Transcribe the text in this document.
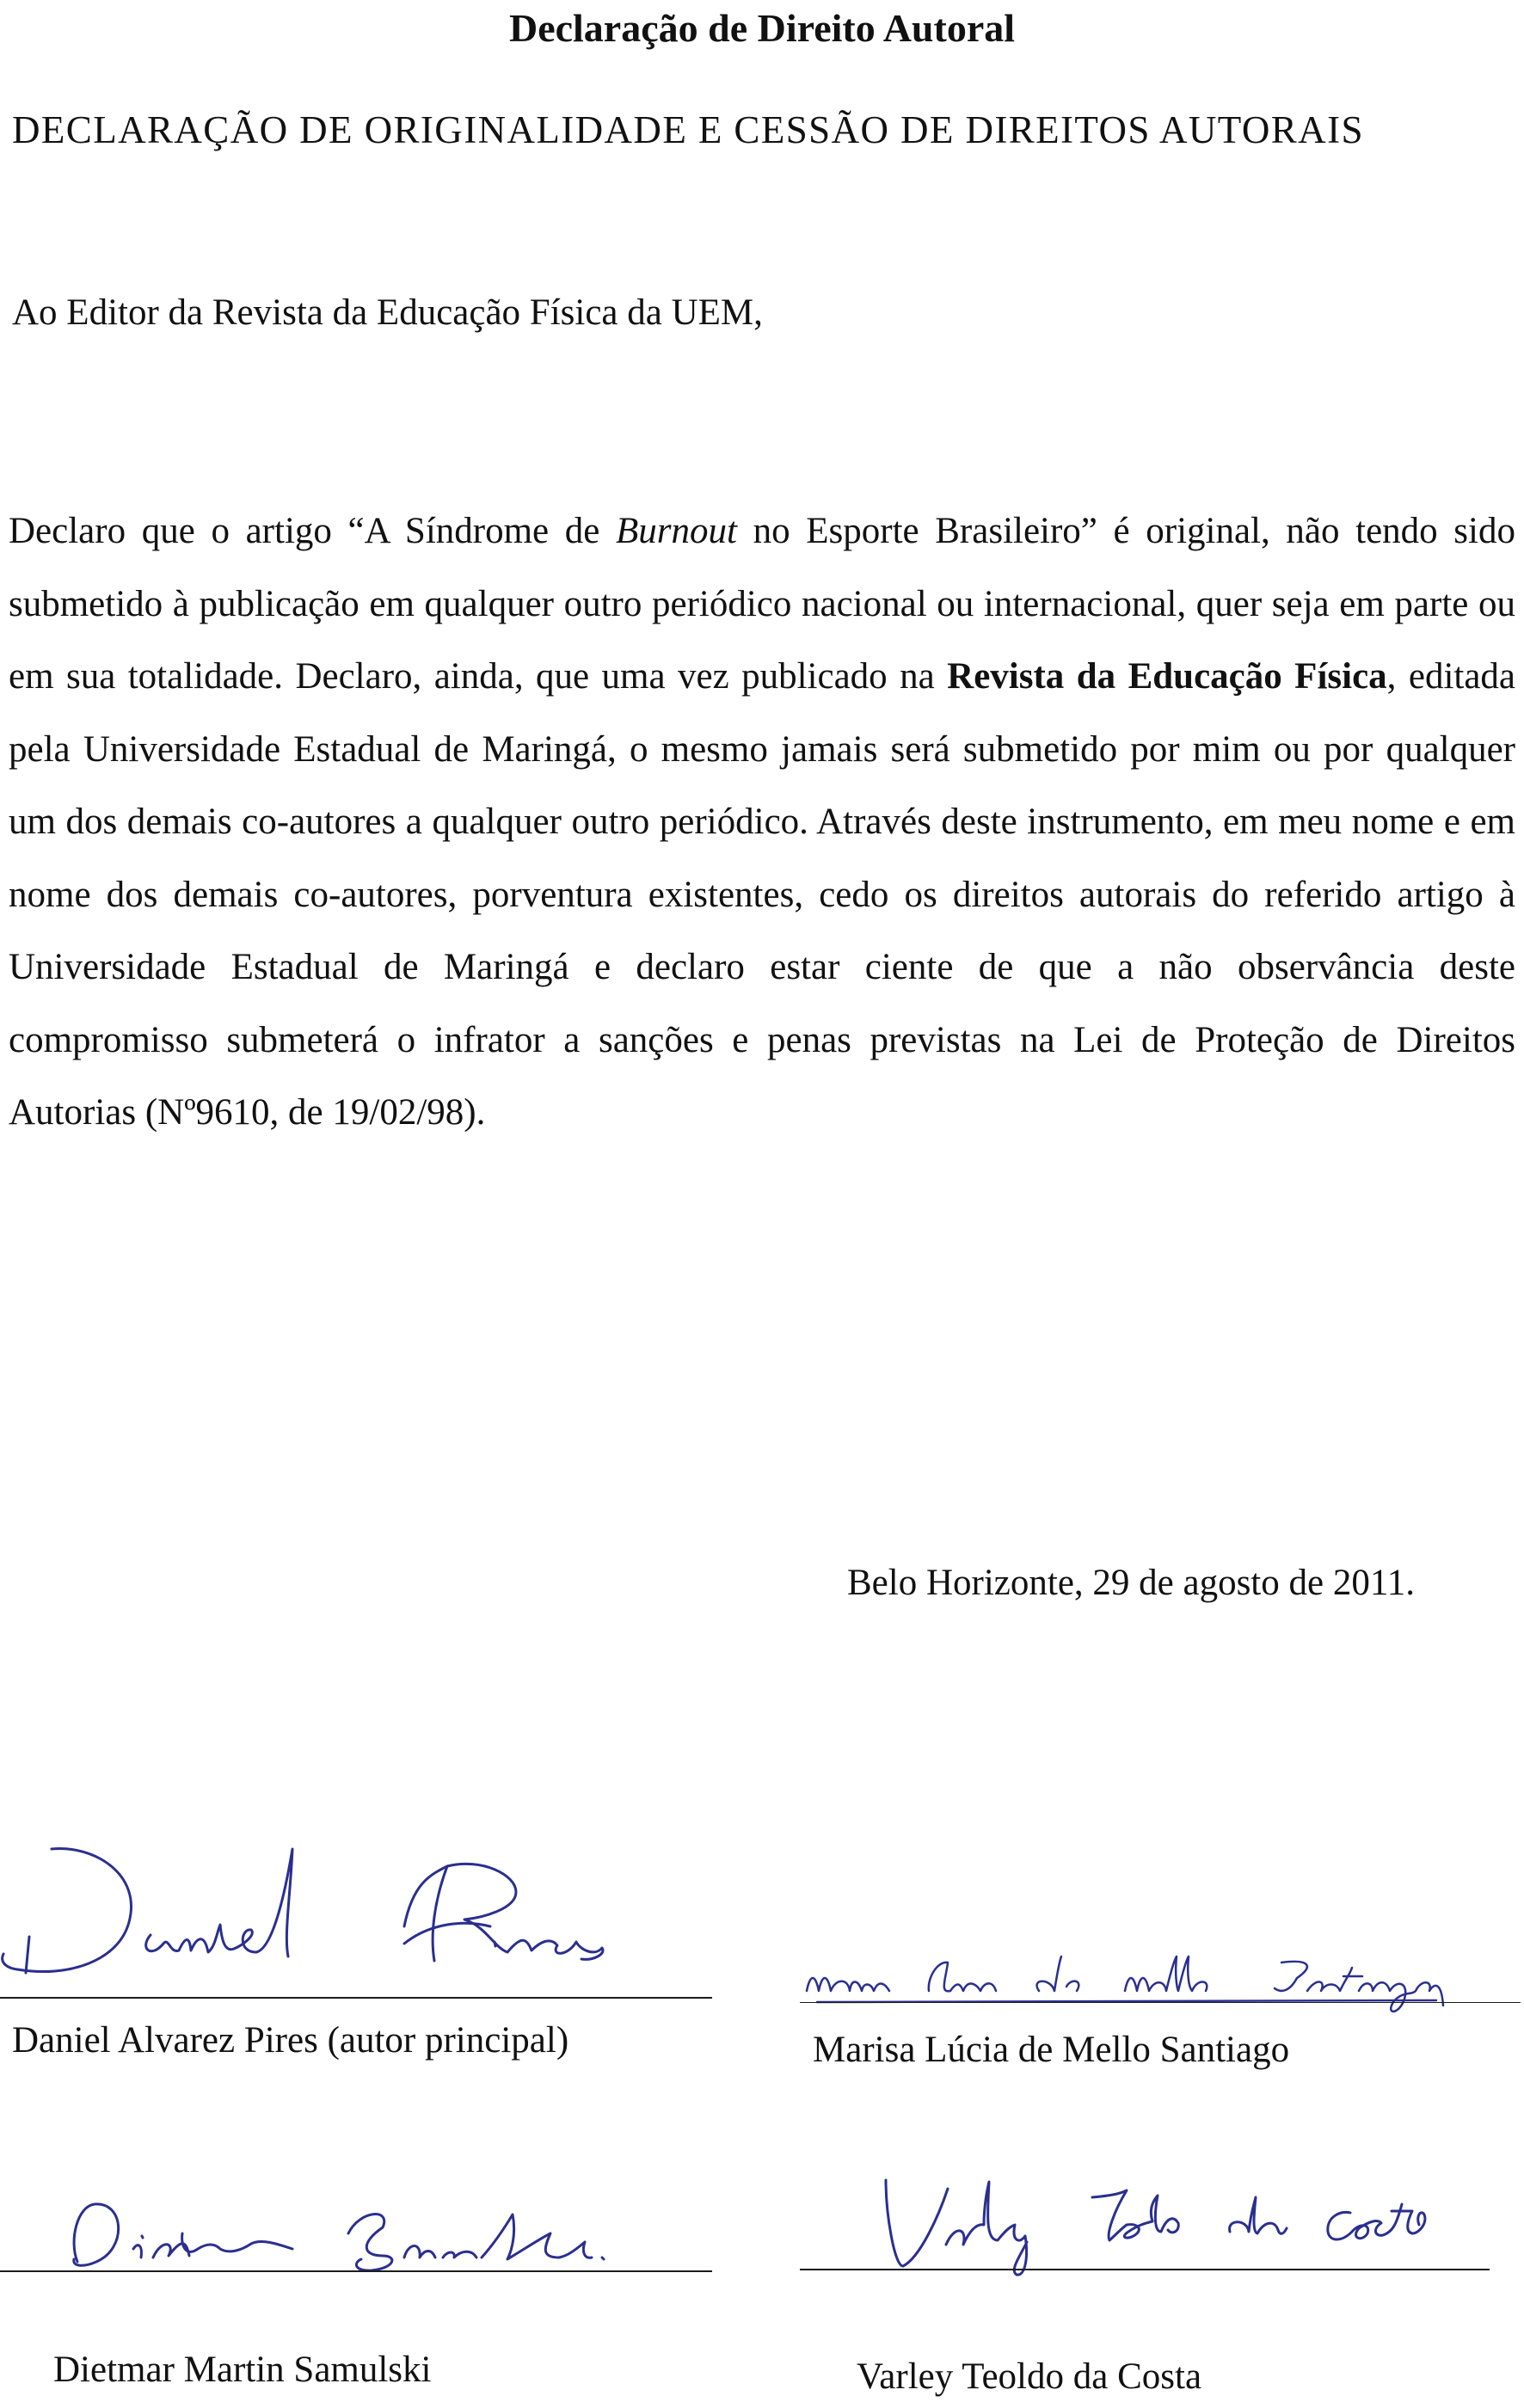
Declaração de Direito Autoral
DECLARAÇÃO DE ORIGINALIDADE E CESSÃO DE DIREITOS AUTORAIS
Ao Editor da Revista da Educação Física da UEM,
Declaro que o artigo “A Síndrome de Burnout no Esporte Brasileiro” é original, não tendo sido submetido à publicação em qualquer outro periódico nacional ou internacional, quer seja em parte ou em sua totalidade. Declaro, ainda, que uma vez publicado na Revista da Educação Física, editada pela Universidade Estadual de Maringá, o mesmo jamais será submetido por mim ou por qualquer um dos demais co-autores a qualquer outro periódico. Através deste instrumento, em meu nome e em nome dos demais co-autores, porventura existentes, cedo os direitos autorais do referido artigo à Universidade Estadual de Maringá e declaro estar ciente de que a não observância deste compromisso submeterá o infrator a sanções e penas previstas na Lei de Proteção de Direitos Autorias (Nº9610, de 19/02/98).
Belo Horizonte, 29 de agosto de 2011.
Daniel Alvarez Pires (autor principal)	Marisa Lúcia de Mello Santiago
Dietmar Martin Samulski	Varley Teoldo da Costa
